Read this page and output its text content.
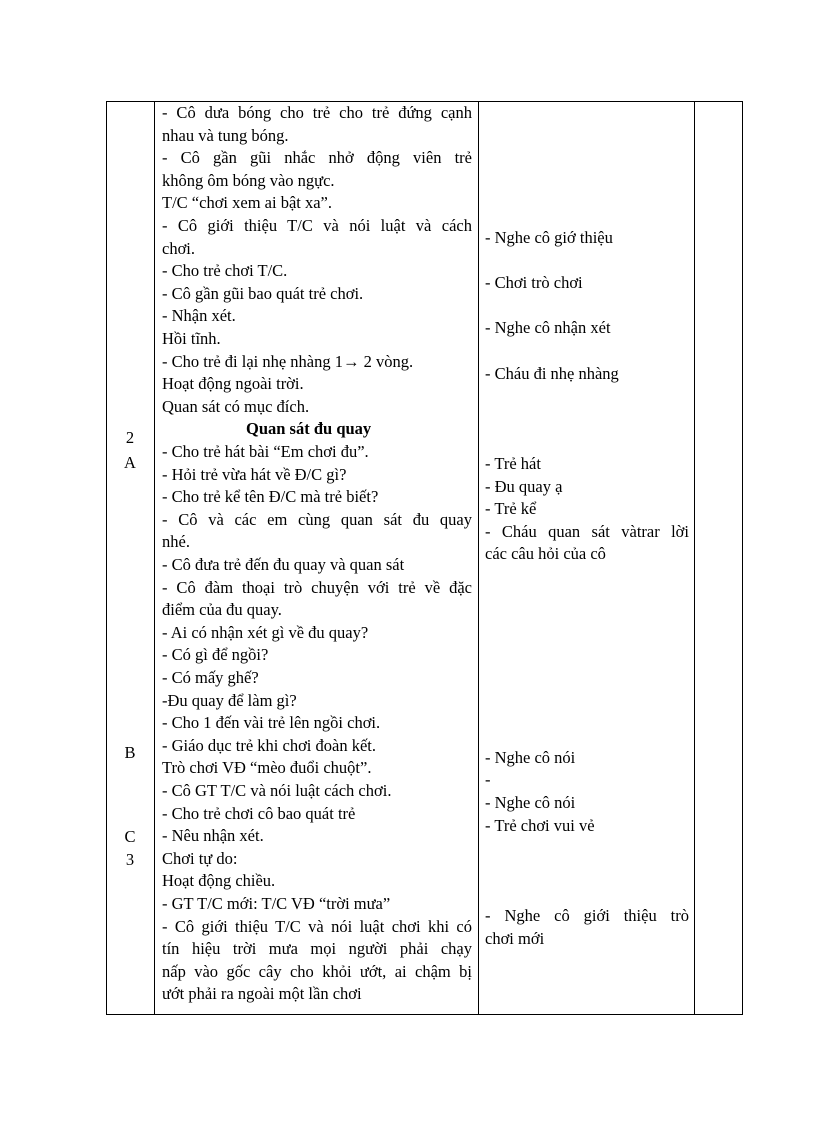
2
A
B
C
3
- Cô dưa bóng cho trẻ cho trẻ đứng cạnh
nhau và tung bóng.
- Cô gần gũi nhắc nhở động viên trẻ
không ôm bóng vào ngực.
T/C “chơi xem ai bật xa”.
- Cô giới thiệu T/C và nói luật và cách
chơi.
- Cho trẻ chơi T/C.
- Cô gần gũi bao quát trẻ chơi.
- Nhận xét.
Hồi tĩnh.
- Cho trẻ đi lại nhẹ nhàng 1→ 2 vòng.
Hoạt động ngoài trời.
Quan sát có mục đích.
Quan sát đu quay
- Cho trẻ hát bài “Em chơi đu”.
- Hỏi trẻ vừa hát về Đ/C gì?
- Cho trẻ kể tên Đ/C mà trẻ biết?
- Cô và các em cùng quan sát đu quay
nhé.
- Cô đưa trẻ đến đu quay và quan sát
- Cô đàm thoại trò chuyện với trẻ về đặc
điểm của đu quay.
- Ai có nhận xét gì về đu quay?
- Có gì để ngồi?
- Có mấy ghế?
-Đu quay để làm gì?
- Cho 1 đến vài trẻ lên ngồi chơi.
- Giáo dục trẻ khi chơi đoàn kết.
Trò chơi VĐ “mèo đuổi chuột”.
- Cô GT T/C và nói luật cách chơi.
- Cho trẻ chơi cô bao quát trẻ
- Nêu nhận xét.
Chơi tự do:
Hoạt động chiều.
- GT T/C mới: T/C VĐ “trời mưa”
- Cô giới thiệu T/C và nói luật chơi khi có
tín hiệu trời mưa mọi người phải chạy
nấp vào gốc cây cho khỏi ướt, ai chậm bị
ướt phải ra ngoài một lần chơi
- Nghe cô giớ thiệu
- Chơi trò chơi
- Nghe cô nhận xét
- Cháu đi nhẹ nhàng
- Trẻ hát
- Đu quay ạ
- Trẻ kể
- Cháu quan sát vàtrar lời
các câu hỏi của cô
- Nghe cô nói
-
- Nghe cô nói
- Trẻ chơi vui vẻ
- Nghe cô giới thiệu trò
chơi mới
